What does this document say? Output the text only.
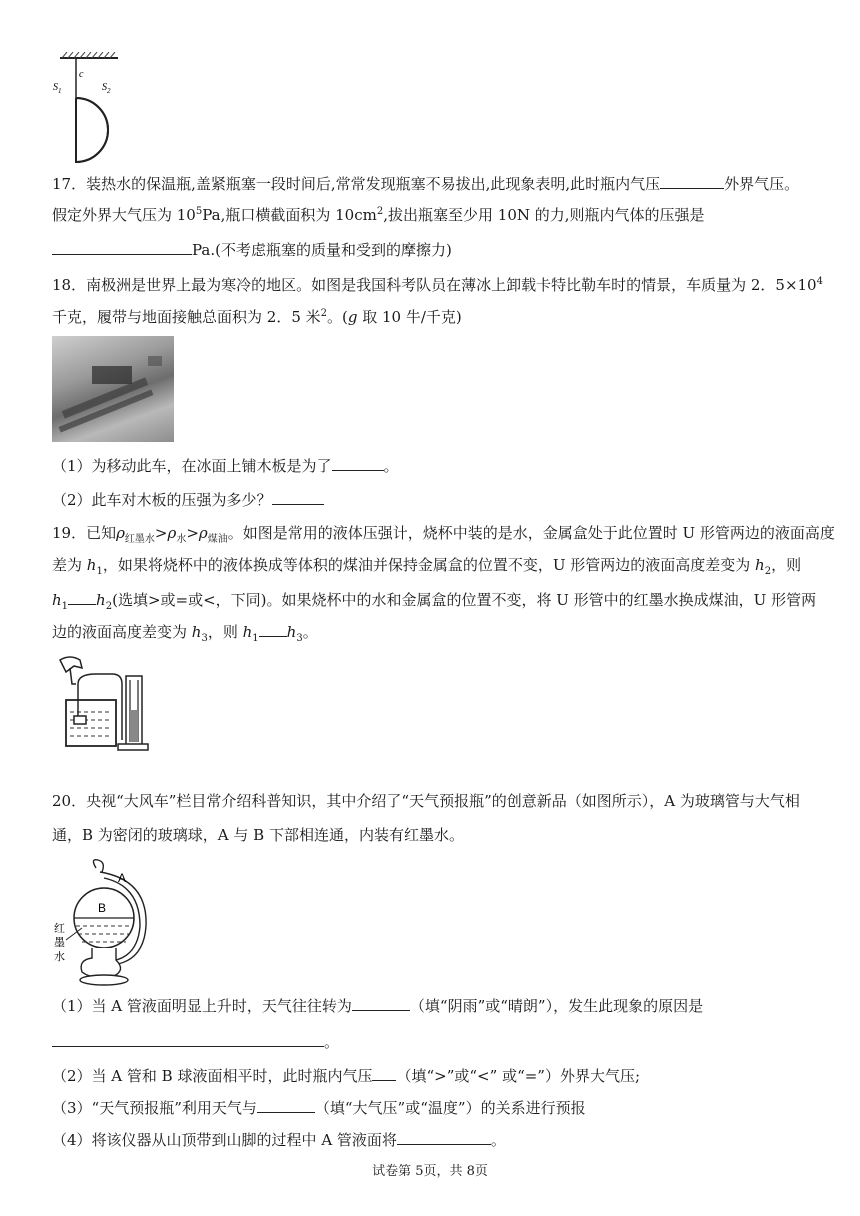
$S_1$
c
$S_2$
17．装热水的保温瓶,盖紧瓶塞一段时间后,常常发现瓶塞不易拔出,此现象表明,此时瓶内气压	外界气压。
假定外界大气压为 $10^5Pa$,瓶口横截面积为 $10cm^2$,拔出瓶塞至少用 10N 的力,则瓶内气体的压强是
Pa.(不考虑瓶塞的质量和受到的摩擦力)
18．南极洲是世界上最为寒冷的地区。如图是我国科考队员在薄冰上卸载卡特比勒车时的情景，车质量为 2．$5\times 10^4$
千克，履带与地面接触总面积为 2．5 米$^2$。(g 取 10 牛/千克)
（1）为移动此车，在冰面上铺木板是为了	。
（2）此车对木板的压强为多少？
19．已知$\rho_{红墨水}>\rho_水>\rho_{煤油}$。如图是常用的液体压强计，烧杯中装的是水，金属盒处于此位置时 U 形管两边的液面高度
差为 $h_1$，如果将烧杯中的液体换成等体积的煤油并保持金属盒的位置不变，U 形管两边的液面高度差变为 $h_2$，则
$h_1$ $h_2$(选填>或=或<，下同)。如果烧杯中的水和金属盒的位置不变，将 U 形管中的红墨水换成煤油，U 形管两
边的液面高度差变为 $h_3$，则 $h_1$ $h_3$。
20．央视“大风车”栏目常介绍科普知识，其中介绍了“天气预报瓶”的创意新品（如图所示），A 为玻璃管与大气相
通，B 为密闭的玻璃球，A 与 B 下部相连通，内装有红墨水。
A
B
红
墨
水
（1）当 A 管液面明显上升时，天气往往转为	（填“阴雨”或“晴朗”），发生此现象的原因是
。
（2）当 A 管和 B 球液面相平时，此时瓶内气压 （填“>”或“<” 或“=”）外界大气压;
（3）“天气预报瓶”利用天气与	（填“大气压”或“温度”）的关系进行预报
（4）将该仪器从山顶带到山脚的过程中 A 管液面将	。
试卷第 5页，共 8页
